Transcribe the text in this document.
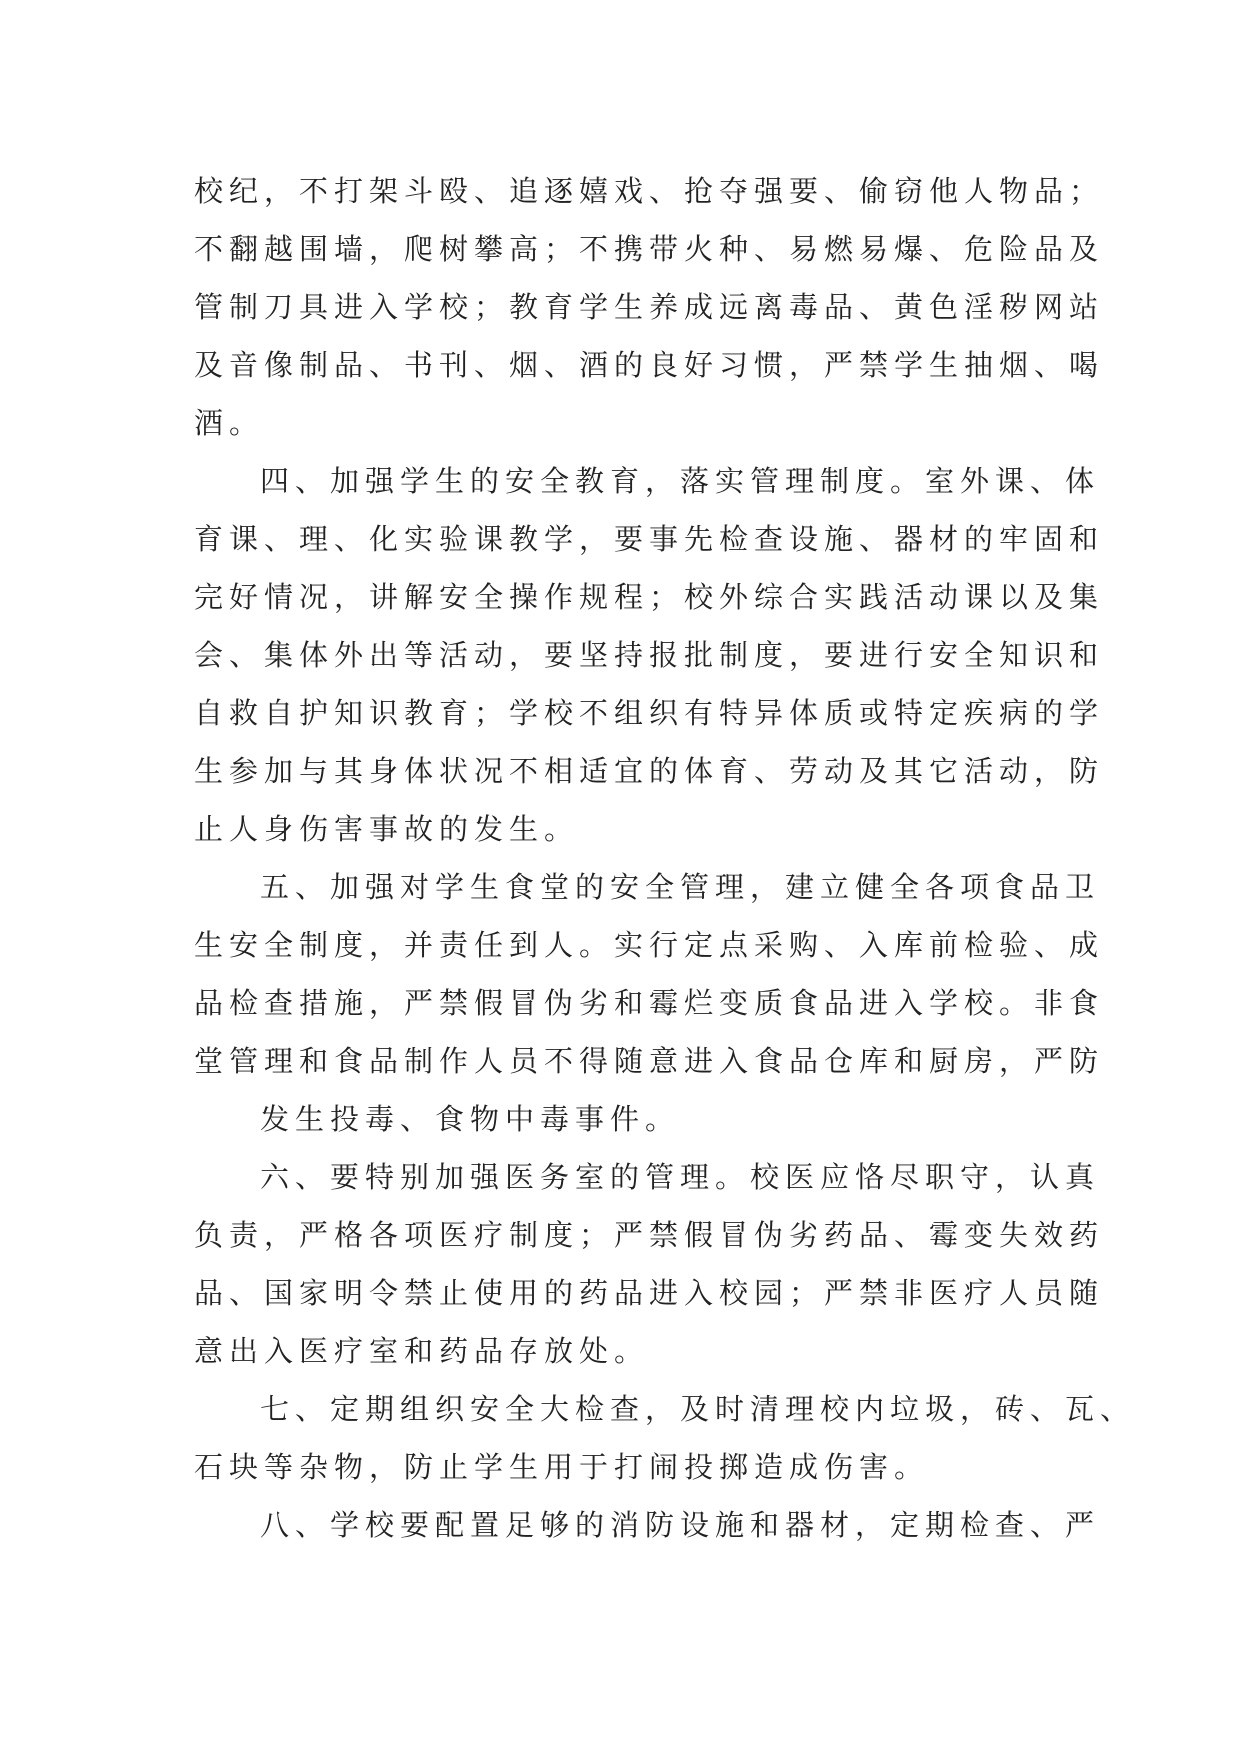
校纪，不打架斗殴、追逐嬉戏、抢夺强要、偷窃他人物品；
不翻越围墙，爬树攀高；不携带火种、易燃易爆、危险品及
管制刀具进入学校；教育学生养成远离毒品、黄色淫秽网站
及音像制品、书刊、烟、酒的良好习惯，严禁学生抽烟、喝
酒。
四、加强学生的安全教育，落实管理制度。室外课、体
育课、理、化实验课教学，要事先检查设施、器材的牢固和
完好情况，讲解安全操作规程；校外综合实践活动课以及集
会、集体外出等活动，要坚持报批制度，要进行安全知识和
自救自护知识教育；学校不组织有特异体质或特定疾病的学
生参加与其身体状况不相适宜的体育、劳动及其它活动，防
止人身伤害事故的发生。
五、加强对学生食堂的安全管理，建立健全各项食品卫
生安全制度，并责任到人。实行定点采购、入库前检验、成
品检查措施，严禁假冒伪劣和霉烂变质食品进入学校。非食
堂管理和食品制作人员不得随意进入食品仓库和厨房，严防
发生投毒、食物中毒事件。
六、要特别加强医务室的管理。校医应恪尽职守，认真
负责，严格各项医疗制度；严禁假冒伪劣药品、霉变失效药
品、国家明令禁止使用的药品进入校园；严禁非医疗人员随
意出入医疗室和药品存放处。
七、定期组织安全大检查，及时清理校内垃圾，砖、瓦、
石块等杂物，防止学生用于打闹投掷造成伤害。
八、学校要配置足够的消防设施和器材，定期检查、严
